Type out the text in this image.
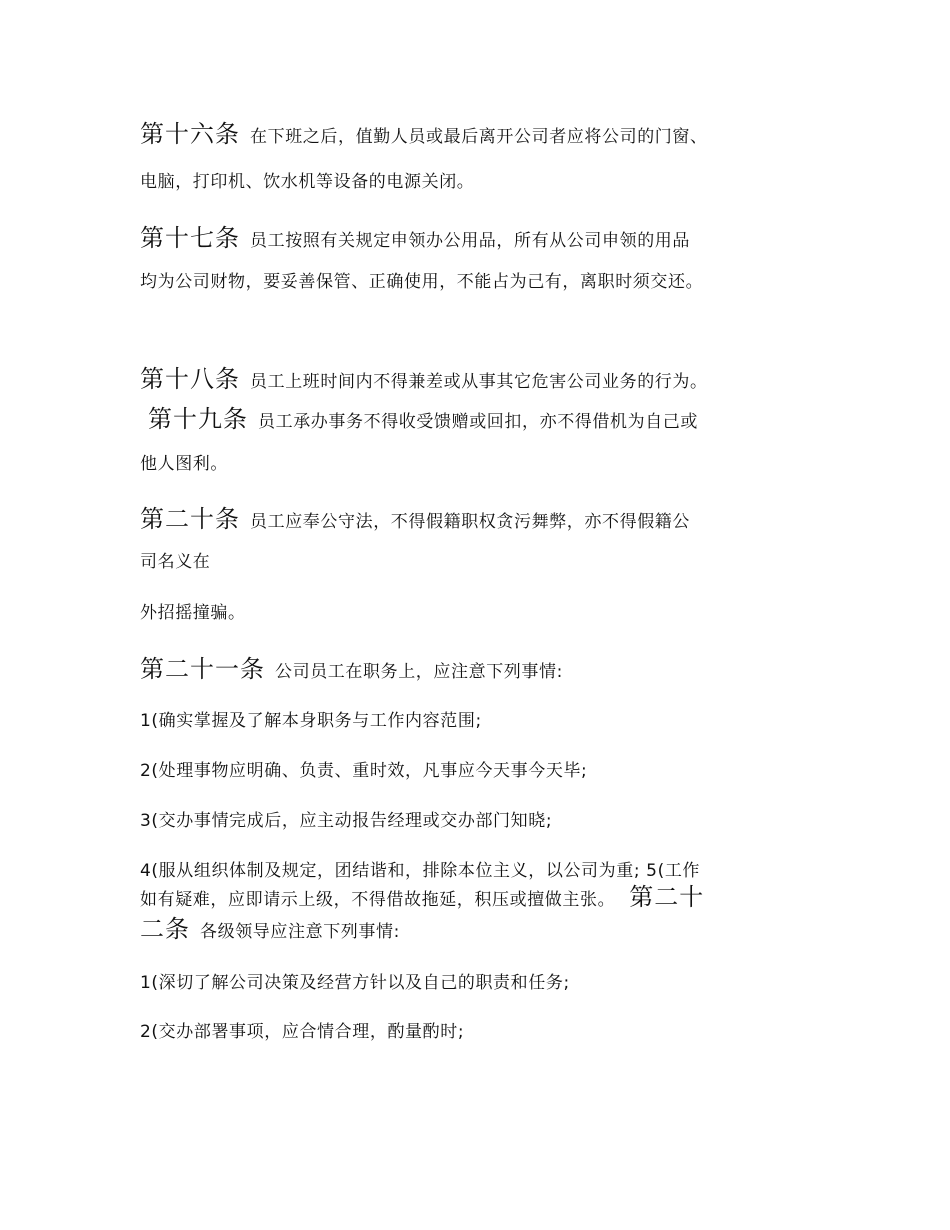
第十六条 在下班之后，值勤人员或最后离开公司者应将公司的门窗、
电脑，打印机、饮水机等设备的电源关闭。
第十七条 员工按照有关规定申领办公用品，所有从公司申领的用品
均为公司财物，要妥善保管、正确使用，不能占为己有，离职时须交还。
第十八条 员工上班时间内不得兼差或从事其它危害公司业务的行为。
第十九条 员工承办事务不得收受馈赠或回扣，亦不得借机为自己或
他人图利。
第二十条 员工应奉公守法，不得假籍职权贪污舞弊，亦不得假籍公
司名义在
外招摇撞骗。
第二十一条 公司员工在职务上，应注意下列事情:
1(确实掌握及了解本身职务与工作内容范围;
2(处理事物应明确、负责、重时效，凡事应今天事今天毕;
3(交办事情完成后，应主动报告经理或交办部门知晓;
4(服从组织体制及规定，团结谐和，排除本位主义，以公司为重; 5(工作
如有疑难，应即请示上级，不得借故拖延，积压或擅做主张。 第二十
二条 各级领导应注意下列事情:
1(深切了解公司决策及经营方针以及自己的职责和任务;
2(交办部署事项，应合情合理，酌量酌时;
